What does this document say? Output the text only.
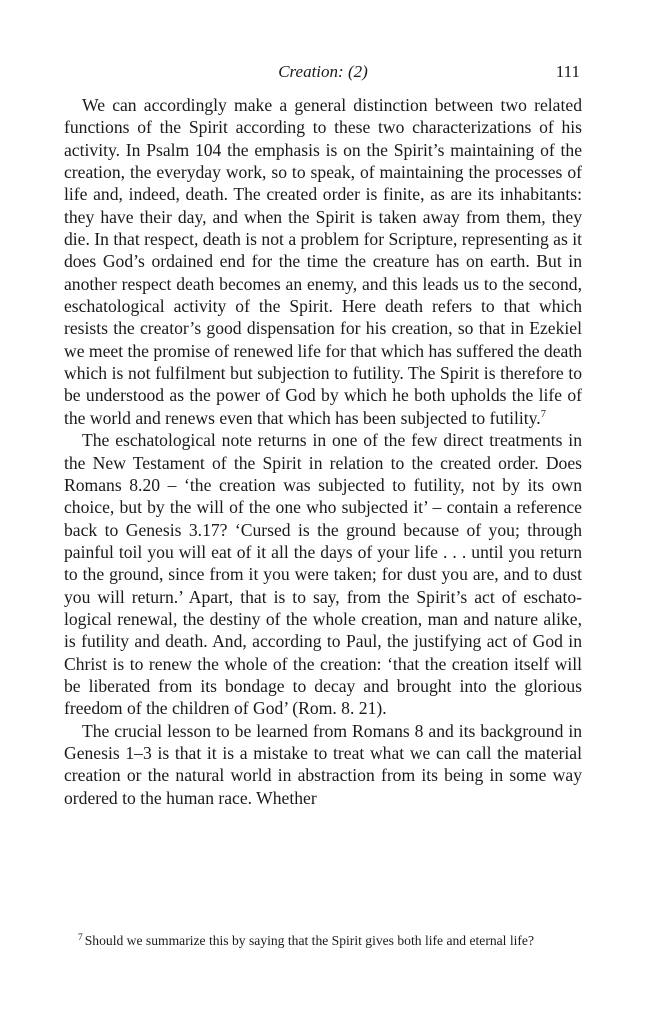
Creation: (2)	111

We can accordingly make a general distinction between two related functions of the Spirit according to these two characterizations of his activity. In Psalm 104 the emphasis is on the Spirit’s maintaining of the creation, the everyday work, so to speak, of maintaining the processes of life and, indeed, death. The created order is finite, as are its inhabitants: they have their day, and when the Spirit is taken away from them, they die. In that respect, death is not a problem for Scripture, representing as it does God’s ordained end for the time the creature has on earth. But in another respect death becomes an enemy, and this leads us to the second, eschatological activity of the Spirit. Here death refers to that which resists the creator’s good dispensation for his creation, so that in Ezekiel we meet the promise of renewed life for that which has suffered the death which is not fulfilment but subjection to futility. The Spirit is therefore to be understood as the power of God by which he both upholds the life of the world and renews even that which has been subjected to futility.$^7$

The eschatological note returns in one of the few direct treatments in the New Testament of the Spirit in relation to the created order. Does Romans 8.20 – ‘the creation was subjected to futility, not by its own choice, but by the will of the one who subjected it’ – contain a reference back to Genesis 3.17? ‘Cursed is the ground because of you; through painful toil you will eat of it all the days of your life . . . until you return to the ground, since from it you were taken; for dust you are, and to dust you will return.’ Apart, that is to say, from the Spirit’s act of eschatological renewal, the destiny of the whole creation, man and nature alike, is futility and death. And, according to Paul, the justifying act of God in Christ is to renew the whole of the creation: ‘that the creation itself will be liberated from its bondage to decay and brought into the glorious freedom of the children of God’ (Rom. 8. 21).

The crucial lesson to be learned from Romans 8 and its background in Genesis 1–3 is that it is a mistake to treat what we can call the material creation or the natural world in abstraction from its being in some way ordered to the human race. Whether

$^7$ Should we summarize this by saying that the Spirit gives both life and eternal life?
